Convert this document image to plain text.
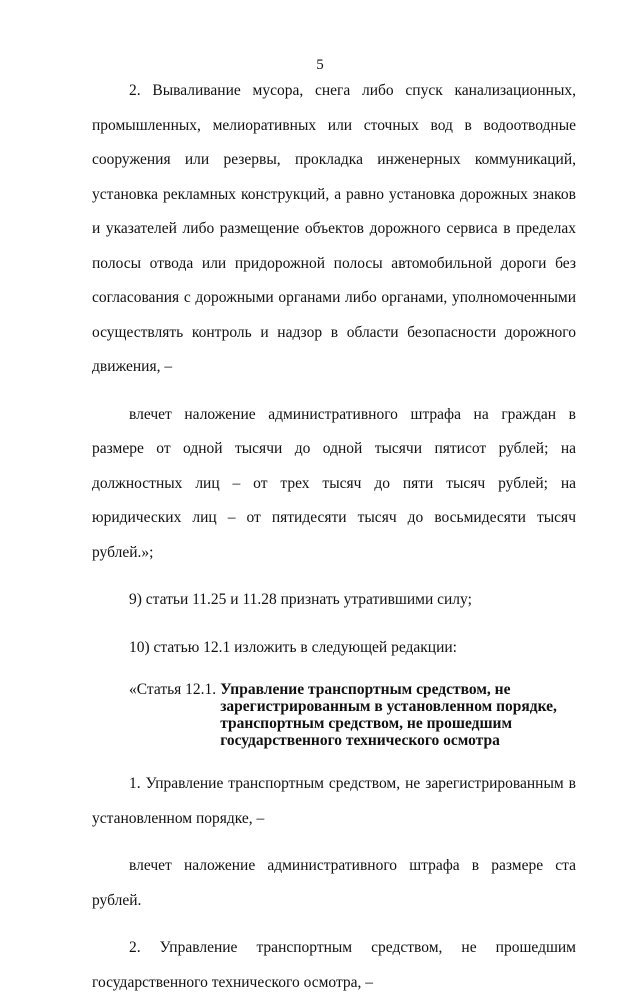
5

2. Вываливание мусора, снега либо спуск канализационных, промышленных, мелиоративных или сточных вод в водоотводные сооружения или резервы, прокладка инженерных коммуникаций, установка рекламных конструкций, а равно установка дорожных знаков и указателей либо размещение объектов дорожного сервиса в пределах полосы отвода или придорожной полосы автомобильной дороги без согласования с дорожными органами либо органами, уполномоченными осуществлять контроль и надзор в области безопасности дорожного движения, –

влечет наложение административного штрафа на граждан в размере от одной тысячи до одной тысячи пятисот рублей; на должностных лиц – от трех тысяч до пяти тысяч рублей; на юридических лиц – от пятидесяти тысяч до восьмидесяти тысяч рублей.»;

9) статьи 11.25 и 11.28 признать утратившими силу;

10) статью 12.1 изложить в следующей редакции:

«Статья 12.1. Управление транспортным средством, не
зарегистрированным в установленном порядке,
транспортным средством, не прошедшим
государственного технического осмотра

1. Управление транспортным средством, не зарегистрированным в установленном порядке, –

влечет наложение административного штрафа в размере ста рублей.

2. Управление транспортным средством, не прошедшим государственного технического осмотра, –
